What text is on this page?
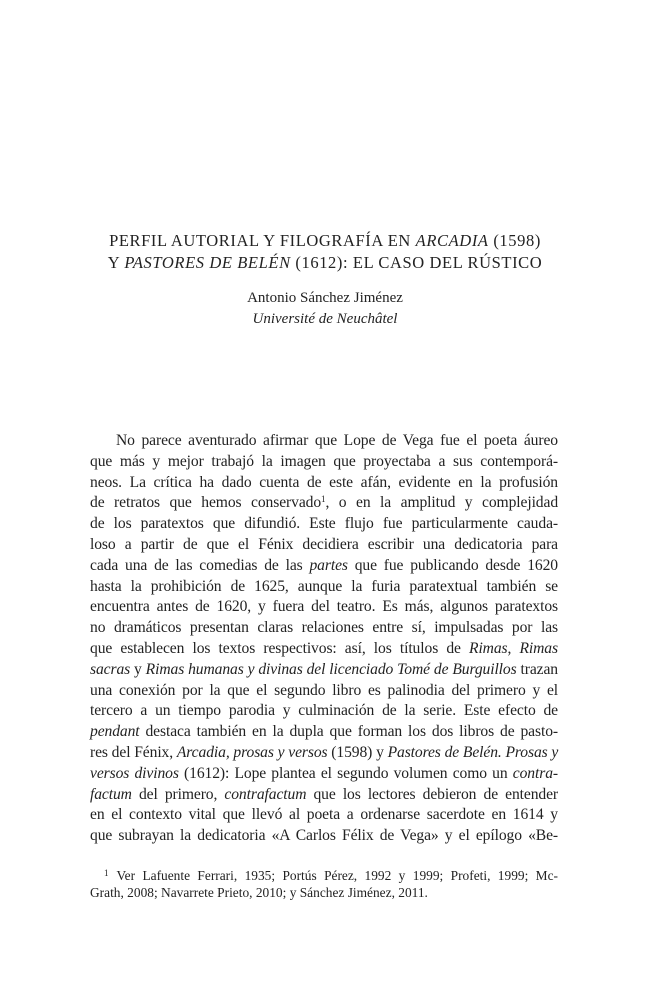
PERFIL AUTORIAL Y FILOGRAFÍA EN ARCADIA (1598)
Y PASTORES DE BELÉN (1612): EL CASO DEL RÚSTICO
Antonio Sánchez Jiménez
Université de Neuchâtel
No parece aventurado afirmar que Lope de Vega fue el poeta áureo
que más y mejor trabajó la imagen que proyectaba a sus contemporá-
neos. La crítica ha dado cuenta de este afán, evidente en la profusión
de retratos que hemos conservado$^1$, o en la amplitud y complejidad
de los paratextos que difundió. Este flujo fue particularmente cauda-
loso a partir de que el Fénix decidiera escribir una dedicatoria para
cada una de las comedias de las partes que fue publicando desde 1620
hasta la prohibición de 1625, aunque la furia paratextual también se
encuentra antes de 1620, y fuera del teatro. Es más, algunos paratextos
no dramáticos presentan claras relaciones entre sí, impulsadas por las
que establecen los textos respectivos: así, los títulos de Rimas, Rimas
sacras y Rimas humanas y divinas del licenciado Tomé de Burguillos trazan
una conexión por la que el segundo libro es palinodia del primero y el
tercero a un tiempo parodia y culminación de la serie. Este efecto de
pendant destaca también en la dupla que forman los dos libros de pasto-
res del Fénix, Arcadia, prosas y versos (1598) y Pastores de Belén. Prosas y
versos divinos (1612): Lope plantea el segundo volumen como un contra-
factum del primero, contrafactum que los lectores debieron de entender
en el contexto vital que llevó al poeta a ordenarse sacerdote en 1614 y
que subrayan la dedicatoria «A Carlos Félix de Vega» y el epílogo «Be-
$^1$ Ver Lafuente Ferrari, 1935; Portús Pérez, 1992 y 1999; Profeti, 1999; Mc-
Grath, 2008; Navarrete Prieto, 2010; y Sánchez Jiménez, 2011.
